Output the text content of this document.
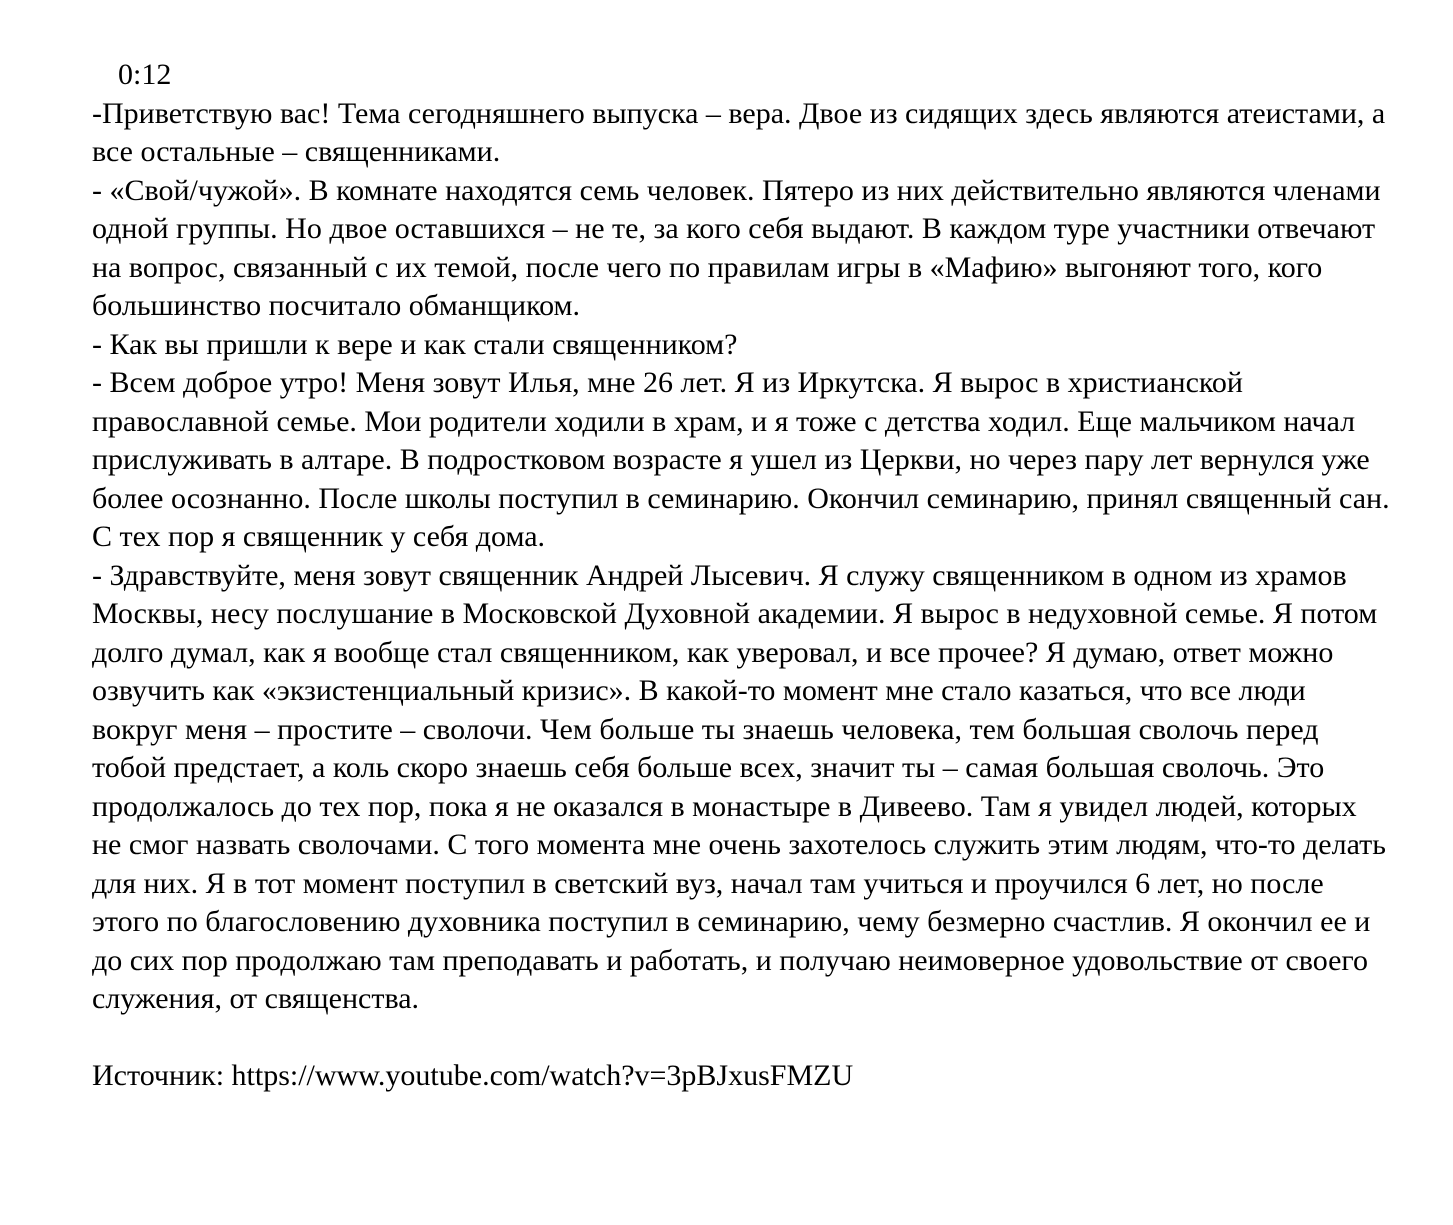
0:12

-Приветствую вас! Тема сегодняшнего выпуска – вера. Двое из сидящих здесь являются атеистами, а все остальные – священниками.

- «Свой/чужой». В комнате находятся семь человек. Пятеро из них действительно являются членами одной группы. Но двое оставшихся – не те, за кого себя выдают. В каждом туре участники отвечают на вопрос, связанный с их темой, после чего по правилам игры в «Мафию» выгоняют того, кого большинство посчитало обманщиком.

- Как вы пришли к вере и как стали священником?

- Всем доброе утро! Меня зовут Илья, мне 26 лет. Я из Иркутска. Я вырос в христианской православной семье. Мои родители ходили в храм, и я тоже с детства ходил. Еще мальчиком начал прислуживать в алтаре. В подростковом возрасте я ушел из Церкви, но через пару лет вернулся уже более осознанно. После школы поступил в семинарию. Окончил семинарию, принял священный сан. С тех пор я священник у себя дома.

- Здравствуйте, меня зовут священник Андрей Лысевич. Я служу священником в одном из храмов Москвы, несу послушание в Московской Духовной академии. Я вырос в недуховной семье. Я потом долго думал, как я вообще стал священником, как уверовал, и все прочее? Я думаю, ответ можно озвучить как «экзистенциальный кризис». В какой-то момент мне стало казаться, что все люди вокруг меня – простите – сволочи. Чем больше ты знаешь человека, тем большая сволочь перед тобой предстает, а коль скоро знаешь себя больше всех, значит ты – самая большая сволочь. Это продолжалось до тех пор, пока я не оказался в монастыре в Дивеево. Там я увидел людей, которых не смог назвать сволочами. С того момента мне очень захотелось служить этим людям, что-то делать для них. Я в тот момент поступил в светский вуз, начал там учиться и проучился 6 лет, но после этого по благословению духовника поступил в семинарию, чему безмерно счастлив. Я окончил ее и до сих пор продолжаю там преподавать и работать, и получаю неимоверное удовольствие от своего служения, от священства.

Источник: https://www.youtube.com/watch?v=3pBJxusFMZU
